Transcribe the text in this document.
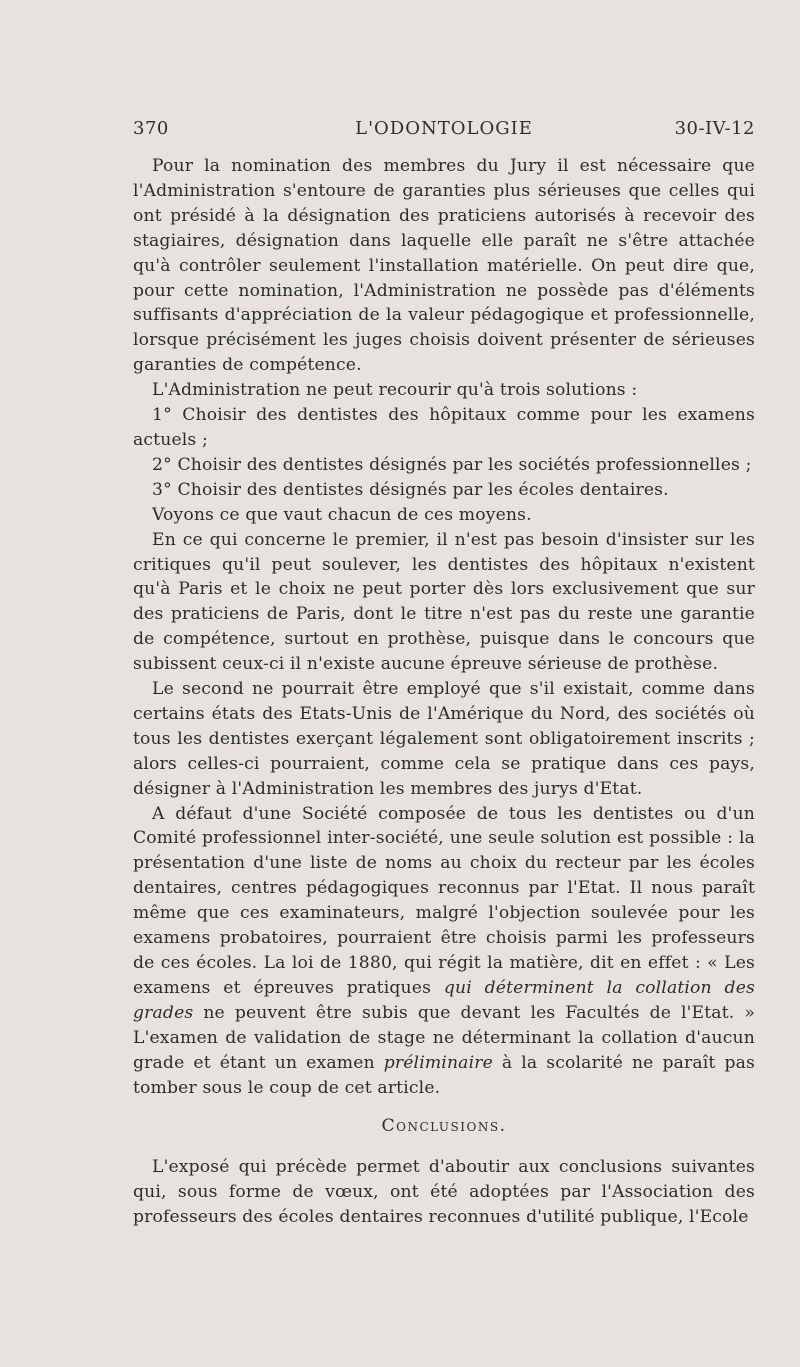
370	L'ODONTOLOGIE	30-IV-12

Pour la nomination des membres du Jury il est nécessaire que l'Administration s'entoure de garanties plus sérieuses que celles qui ont présidé à la désignation des praticiens autorisés à recevoir des stagiaires, désignation dans laquelle elle paraît ne s'être attachée qu'à contrôler seulement l'installation matérielle. On peut dire que, pour cette nomination, l'Administration ne possède pas d'éléments suffisants d'appréciation de la valeur pédagogique et professionnelle, lorsque précisément les juges choisis doivent présenter de sérieuses garanties de compétence.

L'Administration ne peut recourir qu'à trois solutions :

1° Choisir des dentistes des hôpitaux comme pour les examens actuels ;

2° Choisir des dentistes désignés par les sociétés professionnelles ;

3° Choisir des dentistes désignés par les écoles dentaires.

Voyons ce que vaut chacun de ces moyens.

En ce qui concerne le premier, il n'est pas besoin d'insister sur les critiques qu'il peut soulever, les dentistes des hôpitaux n'existent qu'à Paris et le choix ne peut porter dès lors exclusivement que sur des praticiens de Paris, dont le titre n'est pas du reste une garantie de compétence, surtout en prothèse, puisque dans le concours que subissent ceux-ci il n'existe aucune épreuve sérieuse de prothèse.

Le second ne pourrait être employé que s'il existait, comme dans certains états des Etats-Unis de l'Amérique du Nord, des sociétés où tous les dentistes exerçant légalement sont obligatoirement inscrits ; alors celles-ci pourraient, comme cela se pratique dans ces pays, désigner à l'Administration les membres des jurys d'Etat.

A défaut d'une Société composée de tous les dentistes ou d'un Comité professionnel inter-société, une seule solution est possible : la présentation d'une liste de noms au choix du recteur par les écoles dentaires, centres pédagogiques reconnus par l'Etat. Il nous paraît même que ces examinateurs, malgré l'objection soulevée pour les examens probatoires, pourraient être choisis parmi les professeurs de ces écoles. La loi de 1880, qui régit la matière, dit en effet : « Les examens et épreuves pratiques qui déterminent la collation des grades ne peuvent être subis que devant les Facultés de l'Etat. » L'examen de validation de stage ne déterminant la collation d'aucun grade et étant un examen préliminaire à la scolarité ne paraît pas tomber sous le coup de cet article.

Conclusions.

L'exposé qui précède permet d'aboutir aux conclusions suivantes qui, sous forme de vœux, ont été adoptées par l'Association des professeurs des écoles dentaires reconnues d'utilité publique, l'Ecole
